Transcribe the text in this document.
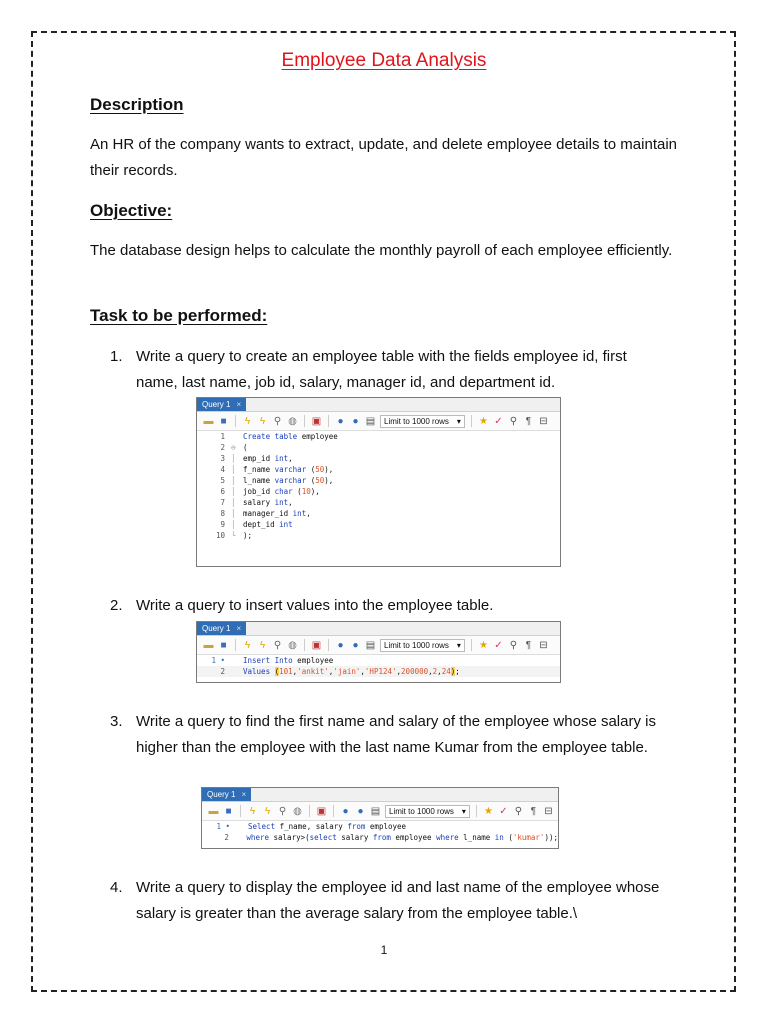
Employee Data Analysis
Description
An HR of the company wants to extract, update, and delete employee details to maintain their records.
Objective:
The database design helps to calculate the monthly payroll of each employee efficiently.
Task to be performed:
1. Write a query to create an employee table with the fields employee id, first name, last name, job id, salary, manager id, and department id.
Query 1 ×
▬ ■ ϟ ϟ ⚲ ◍ ▣ ● ● ▤ Limit to 1000 rows ▾ ★ ✓ ⚲ ¶ ⊟
1	Create table employee
2 ⊖ (
3 │ emp_id int,
4 │ f_name varchar (50),
5 │ l_name varchar (50),
6 │ job_id char (10),
7 │ salary int,
8 │ manager_id int,
9 │ dept_id int
10 └ );
2. Write a query to insert values into the employee table.
Query 1 ×
▬ ■ ϟ ϟ ⚲ ◍ ▣ ● ● ▤ Limit to 1000 rows ▾ ★ ✓ ⚲ ¶ ⊟
1 •	Insert Into employee
2	Values (101,'ankit','jain','HP124',200000,2,24);
3. Write a query to find the first name and salary of the employee whose salary is higher than the employee with the last name Kumar from the employee table.
Query 1 ×
▬ ■ ϟ ϟ ⚲ ◍ ▣ ● ● ▤ Limit to 1000 rows ▾ ★ ✓ ⚲ ¶ ⊟
1 •	Select f_name, salary from employee
2	where salary>(select salary from employee where l_name in ('kumar'));
4. Write a query to display the employee id and last name of the employee whose salary is greater than the average salary from the employee table.\
1
